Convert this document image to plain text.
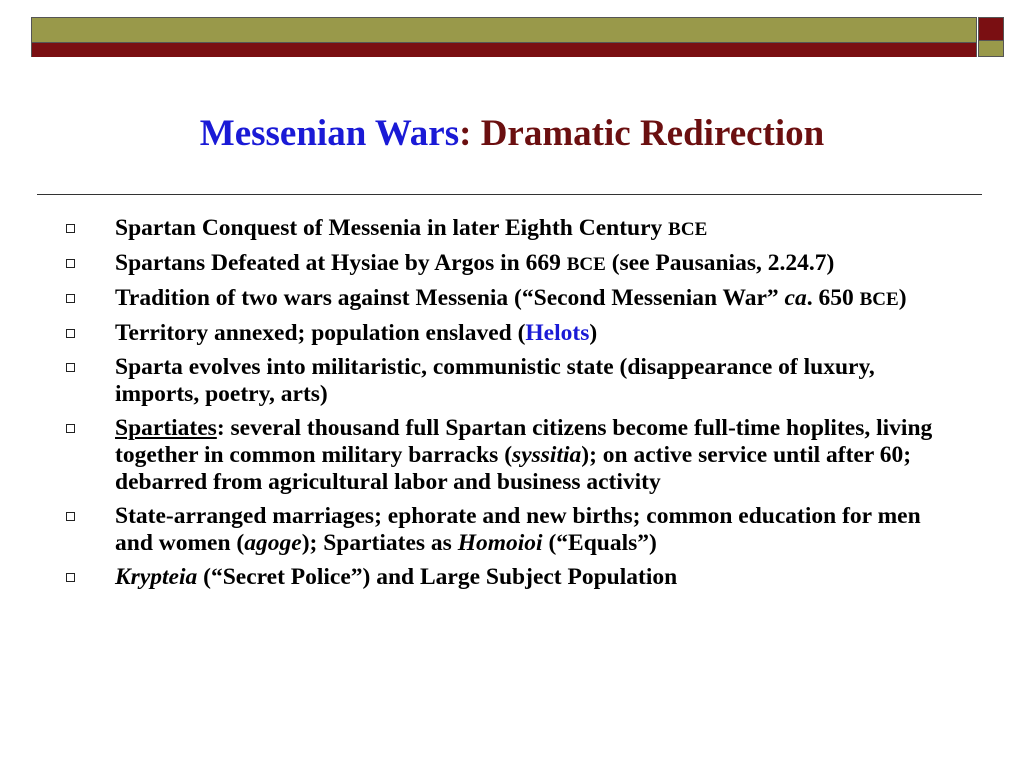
Messenian Wars: Dramatic Redirection
Spartan Conquest of Messenia in later Eighth Century BCE
Spartans Defeated at Hysiae by Argos in 669 BCE (see Pausanias, 2.24.7)
Tradition of two wars against Messenia (“Second Messenian War” ca. 650 BCE)
Territory annexed; population enslaved (Helots)
Sparta evolves into militaristic, communistic state (disappearance of luxury, imports, poetry, arts)
Spartiates: several thousand full Spartan citizens become full-time hoplites, living together in common military barracks (syssitia); on active service until after 60; debarred from agricultural labor and business activity
State-arranged marriages; ephorate and new births; common education for men and women (agoge); Spartiates as Homoioi (“Equals”)
Krypteia (“Secret Police”) and Large Subject Population
